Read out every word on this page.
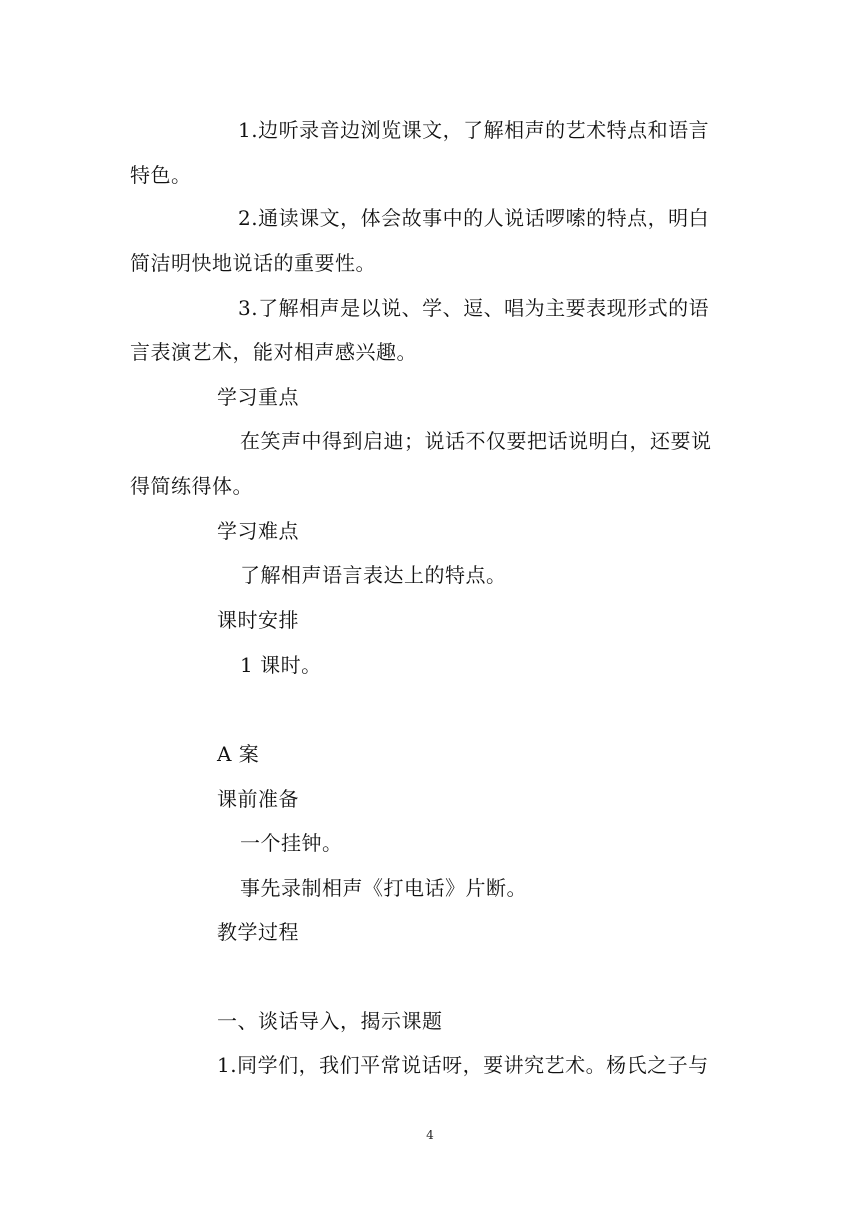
1.边听录音边浏览课文，了解相声的艺术特点和语言
特色。
2.通读课文，体会故事中的人说话啰嗦的特点，明白
简洁明快地说话的重要性。
3.了解相声是以说、学、逗、唱为主要表现形式的语
言表演艺术，能对相声感兴趣。
学习重点
在笑声中得到启迪；说话不仅要把话说明白，还要说
得简练得体。
学习难点
了解相声语言表达上的特点。
课时安排
1 课时。
A 案
课前准备
一个挂钟。
事先录制相声《打电话》片断。
教学过程
一、谈话导入，揭示课题
1.同学们，我们平常说话呀，要讲究艺术。杨氏之子与
4
